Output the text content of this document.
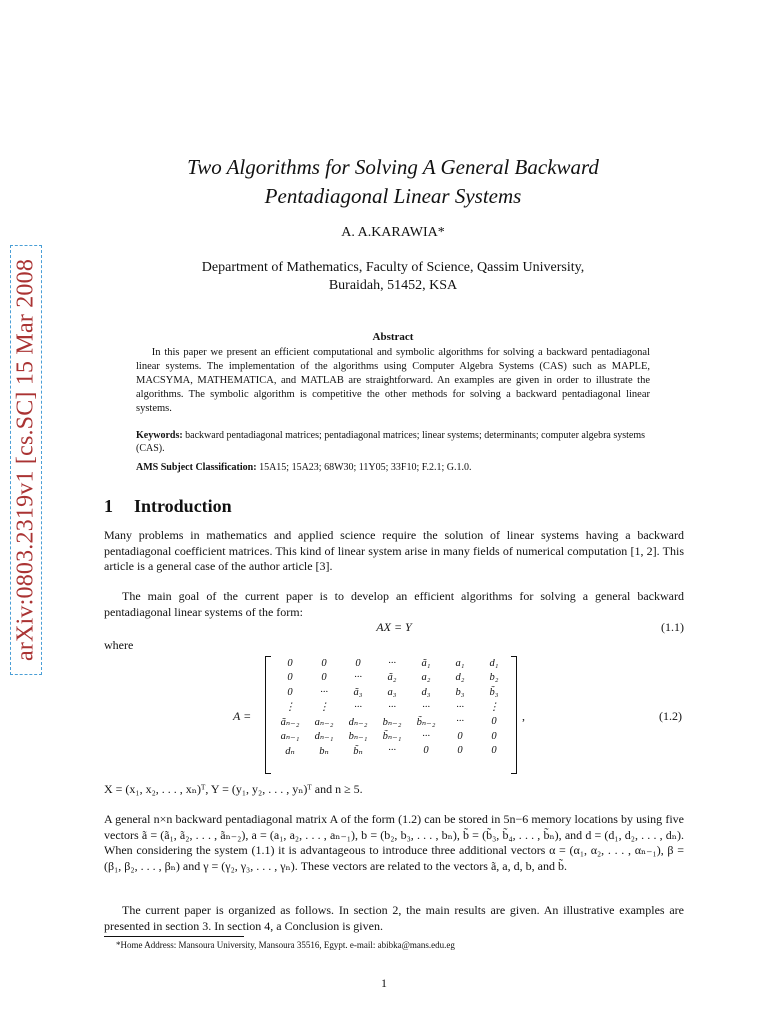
arXiv:0803.2319v1 [cs.SC] 15 Mar 2008
Two Algorithms for Solving A General Backward
Pentadiagonal Linear Systems
A. A.KARAWIA*
Department of Mathematics, Faculty of Science, Qassim University,
Buraidah, 51452, KSA
Abstract
  In this paper we present an efficient computational and symbolic algorithms for solving a backward pentadiagonal linear systems. The implementation of the algorithms using Computer Algebra Systems (CAS) such as MAPLE, MACSYMA, MATHEMATICA, and MATLAB are straightforward. An examples are given in order to illustrate the algorithms. The symbolic algorithm is competitive the other methods for solving a backward pentadiagonal linear systems.
Keywords: backward pentadiagonal matrices; pentadiagonal matrices; linear systems; determinants; computer algebra systems (CAS).
AMS Subject Classification: 15A15; 15A23; 68W30; 11Y05; 33F10; F.2.1; G.1.0.
1 Introduction
Many problems in mathematics and applied science require the solution of linear systems having a backward pentadiagonal coefficient matrices. This kind of linear system arise in many fields of numerical computation [1, 2]. This article is a general case of the author article [3].
The main goal of the current paper is to develop an efficient algorithms for solving a general backward pentadiagonal linear systems of the form:
AX = Y	(1.1)
where
A =
0	0	0	···	ã₁	a₁	d₁
0	0	···	ã₂	a₂	d₂	b₂
0	···	ã₃	a₃	d₃	b₃	b̃₃
⋮	⋮	···	···	···	···	⋮
ãₙ₋₂	aₙ₋₂	dₙ₋₂	bₙ₋₂	b̃ₙ₋₂	···	0
aₙ₋₁	dₙ₋₁	bₙ₋₁	b̃ₙ₋₁	···	0	0
dₙ	bₙ	b̃ₙ	···	0	0	0
,	(1.2)
X = (x₁, x₂, . . . , xₙ)ᵀ, Y = (y₁, y₂, . . . , yₙ)ᵀ and n ≥ 5.
A general n×n backward pentadiagonal matrix A of the form (1.2) can be stored in 5n−6 memory locations by using five vectors ã = (ã₁, ã₂, . . . , ãₙ₋₂), a = (a₁, a₂, . . . , aₙ₋₁), b = (b₂, b₃, . . . , bₙ), b̃ = (b̃₃, b̃₄, . . . , b̃ₙ), and d = (d₁, d₂, . . . , dₙ). When considering the system (1.1) it is advantageous to introduce three additional vectors α = (α₁, α₂, . . . , αₙ₋₁), β = (β₁, β₂, . . . , βₙ) and γ = (γ₂, γ₃, . . . , γₙ). These vectors are related to the vectors ã, a, d, b, and b̃.
The current paper is organized as follows. In section 2, the main results are given. An illustrative examples are presented in section 3. In section 4, a Conclusion is given.
*Home Address: Mansoura University, Mansoura 35516, Egypt. e-mail: abibka@mans.edu.eg
1
